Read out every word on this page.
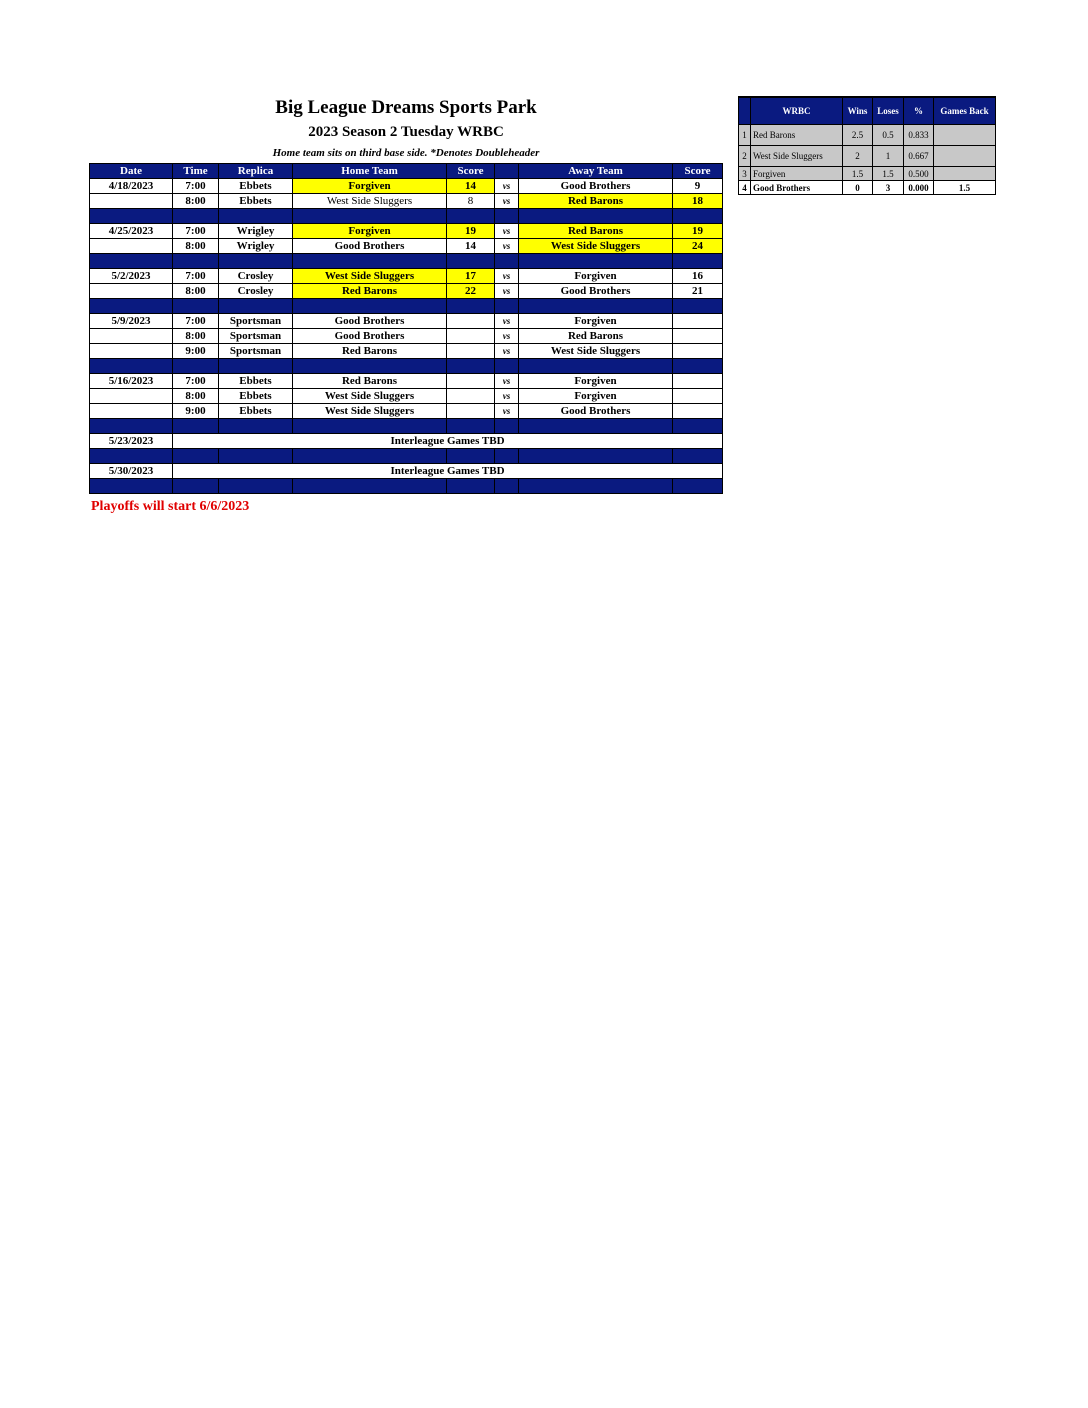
Big League Dreams Sports Park
2023 Season 2 Tuesday WRBC
Home team sits on third base side. *Denotes Doubleheader
Date	Time	Replica	Home Team	Score		Away Team	Score
4/18/2023	7:00	Ebbets	Forgiven	14	vs	Good Brothers	9
	8:00	Ebbets	West Side Sluggers	8	vs	Red Barons	18

4/25/2023	7:00	Wrigley	Forgiven	19	vs	Red Barons	19
	8:00	Wrigley	Good Brothers	14	vs	West Side Sluggers	24

5/2/2023	7:00	Crosley	West Side Sluggers	17	vs	Forgiven	16
	8:00	Crosley	Red Barons	22	vs	Good Brothers	21

5/9/2023	7:00	Sportsman	Good Brothers		vs	Forgiven	
	8:00	Sportsman	Good Brothers		vs	Red Barons	
	9:00	Sportsman	Red Barons		vs	West Side Sluggers	

5/16/2023	7:00	Ebbets	Red Barons		vs	Forgiven	
	8:00	Ebbets	West Side Sluggers		vs	Forgiven	
	9:00	Ebbets	West Side Sluggers		vs	Good Brothers	

5/23/2023	Interleague Games TBD						

5/30/2023	Interleague Games TBD						

	WRBC	Wins	Loses	%	Games Back
1	Red Barons	2.5	0.5	0.833	
2	West Side Sluggers	2	1	0.667	
3	Forgiven	1.5	1.5	0.500	
4	Good Brothers	0	3	0.000	1.5
Playoffs will start 6/6/2023
